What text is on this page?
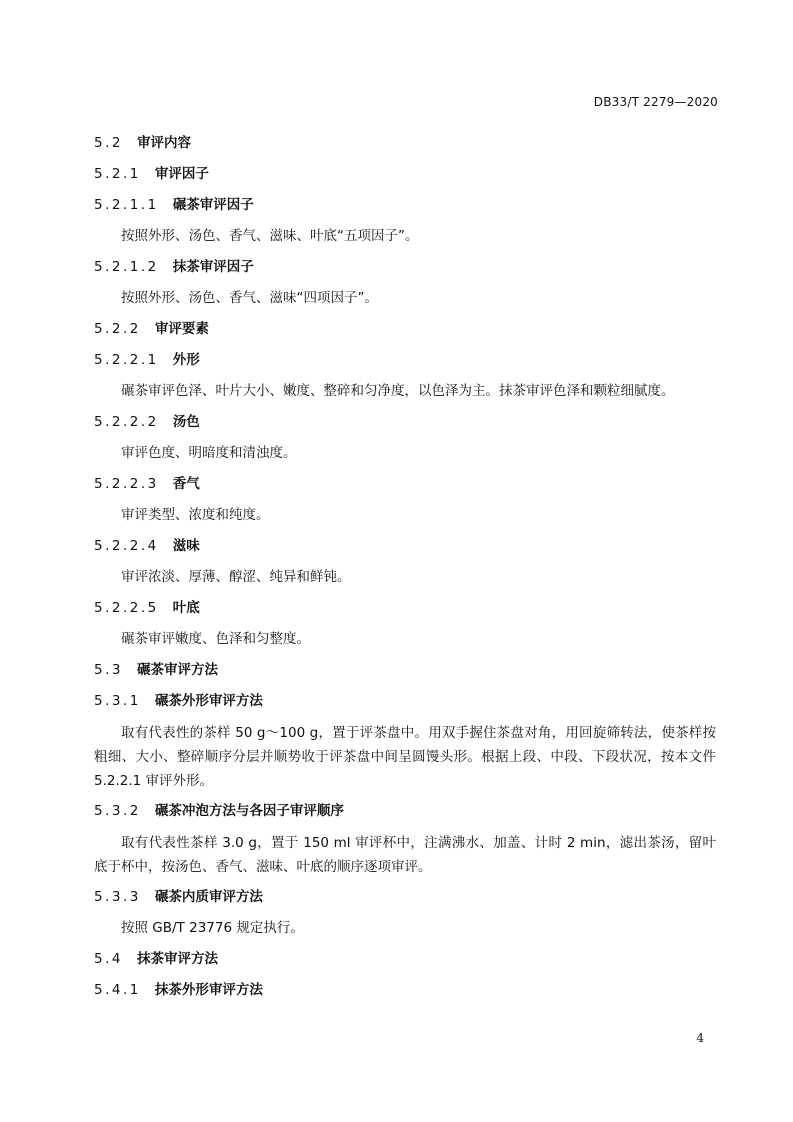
DB33/T 2279—2020
5.2 审评内容
5.2.1 审评因子
5.2.1.1 碾茶审评因子

按照外形、汤色、香气、滋味、叶底“五项因子”。

5.2.1.2 抹茶审评因子

按照外形、汤色、香气、滋味“四项因子”。

5.2.2 审评要素
5.2.2.1 外形

碾茶审评色泽、叶片大小、嫩度、整碎和匀净度，以色泽为主。抹茶审评色泽和颗粒细腻度。

5.2.2.2 汤色

审评色度、明暗度和清浊度。

5.2.2.3 香气

审评类型、浓度和纯度。

5.2.2.4 滋味

审评浓淡、厚薄、醇涩、纯异和鲜钝。

5.2.2.5 叶底

碾茶审评嫩度、色泽和匀整度。

5.3 碾茶审评方法
5.3.1 碾茶外形审评方法

取有代表性的茶样 50 g～100 g，置于评茶盘中。用双手握住茶盘对角，用回旋筛转法，使茶样按粗细、大小、整碎顺序分层并顺势收于评茶盘中间呈圆馒头形。根据上段、中段、下段状况，按本文件 5.2.2.1 审评外形。

5.3.2 碾茶冲泡方法与各因子审评顺序

取有代表性茶样 3.0 g，置于 150 ml 审评杯中，注满沸水、加盖、计时 2 min，滤出茶汤，留叶底于杯中，按汤色、香气、滋味、叶底的顺序逐项审评。

5.3.3 碾茶内质审评方法

按照 GB/T 23776 规定执行。

5.4 抹茶审评方法
5.4.1 抹茶外形审评方法
4
